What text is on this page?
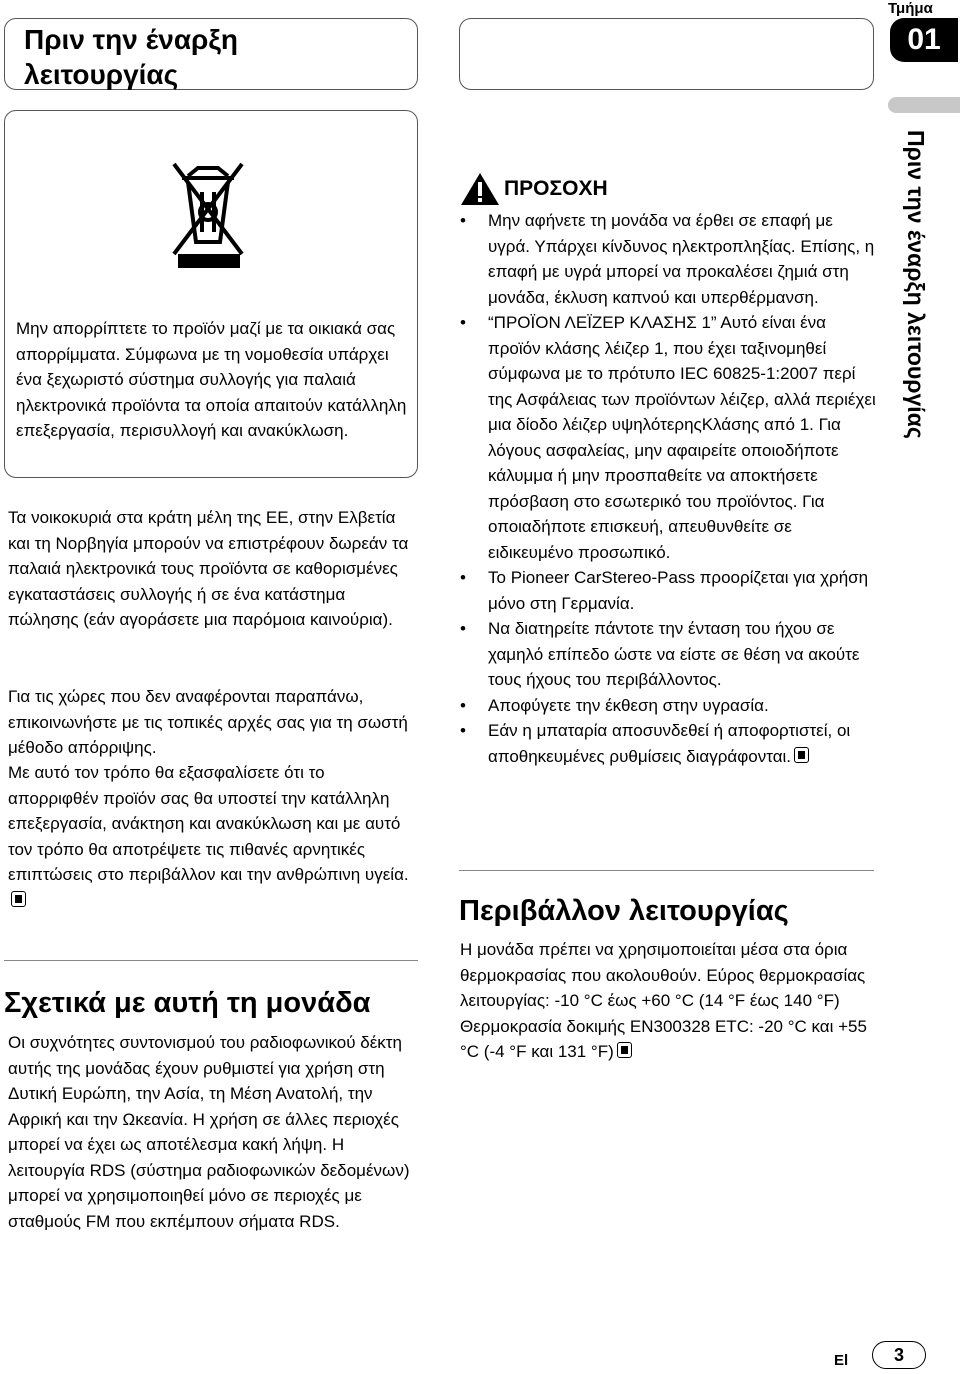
Πριν την έναρξη λειτουργίας
Τμήμα
01
Πριν την έναρξη λειτουργίας
Μην απορρίπτετε το προϊόν μαζί με τα οικιακά σας απορρίμματα. Σύμφωνα με τη νομοθεσία υπάρχει ένα ξεχωριστό σύστημα συλλογής για παλαιά ηλεκτρονικά προϊόντα τα οποία απαιτούν κατάλληλη επεξεργασία, περισυλλογή και ανακύκλωση.
Τα νοικοκυριά στα κράτη μέλη της ΕΕ, στην Ελβετία και τη Νορβηγία μπορούν να επιστρέφουν δωρεάν τα παλαιά ηλεκτρονικά τους προϊόντα σε καθορισμένες εγκαταστάσεις συλλογής ή σε ένα κατάστημα πώλησης (εάν αγοράσετε μια παρόμοια καινούρια).
Για τις χώρες που δεν αναφέρονται παραπάνω, επικοινωνήστε με τις τοπικές αρχές σας για τη σωστή μέθοδο απόρριψης.
Με αυτό τον τρόπο θα εξασφαλίσετε ότι το απορριφθέν προϊόν σας θα υποστεί την κατάλληλη επεξεργασία, ανάκτηση και ανακύκλωση και με αυτό τον τρόπο θα αποτρέψετε τις πιθανές αρνητικές επιπτώσεις στο περιβάλλον και την ανθρώπινη υγεία.
Σχετικά με αυτή τη μονάδα
Οι συχνότητες συντονισμού του ραδιοφωνικού δέκτη αυτής της μονάδας έχουν ρυθμιστεί για χρήση στη Δυτική Ευρώπη, την Ασία, τη Μέση Ανατολή, την Αφρική και την Ωκεανία. Η χρήση σε άλλες περιοχές μπορεί να έχει ως αποτέλεσμα κακή λήψη. Η λειτουργία RDS (σύστημα ραδιοφωνικών δεδομένων) μπορεί να χρησιμοποιηθεί μόνο σε περιοχές με σταθμούς FM που εκπέμπουν σήματα RDS.
ΠΡΟΣΟΧΗ
• Μην αφήνετε τη μονάδα να έρθει σε επαφή με υγρά. Υπάρχει κίνδυνος ηλεκτροπληξίας. Επίσης, η επαφή με υγρά μπορεί να προκαλέσει ζημιά στη μονάδα, έκλυση καπνού και υπερθέρμανση.
• “ΠΡΟΪΟΝ ΛΕΪΖΕΡ ΚΛΑΣΗΣ 1” Αυτό είναι ένα προϊόν κλάσης λέιζερ 1, που έχει ταξινομηθεί σύμφωνα με το πρότυπο IEC 60825-1:2007 περί της Ασφάλειας των προϊόντων λέιζερ, αλλά περιέχει μια δίοδο λέιζερ υψηλότερηςΚλάσης από 1. Για λόγους ασφαλείας, μην αφαιρείτε οποιοδήποτε κάλυμμα ή μην προσπαθείτε να αποκτήσετε πρόσβαση στο εσωτερικό του προϊόντος. Για οποιαδήποτε επισκευή, απευθυνθείτε σε ειδικευμένο προσωπικό.
• Το Pioneer CarStereo-Pass προορίζεται για χρήση μόνο στη Γερμανία.
• Να διατηρείτε πάντοτε την ένταση του ήχου σε χαμηλό επίπεδο ώστε να είστε σε θέση να ακούτε τους ήχους του περιβάλλοντος.
• Αποφύγετε την έκθεση στην υγρασία.
• Εάν η μπαταρία αποσυνδεθεί ή αποφορτιστεί, οι αποθηκευμένες ρυθμίσεις διαγράφονται.
Περιβάλλον λειτουργίας
Η μονάδα πρέπει να χρησιμοποιείται μέσα στα όρια θερμοκρασίας που ακολουθούν. Εύρος θερμοκρασίας λειτουργίας: -10 °C έως +60 °C (14 °F έως 140 °F) Θερμοκρασία δοκιμής EN300328 ETC: -20 °C και +55 °C (-4 °F και 131 °F)
El	3
